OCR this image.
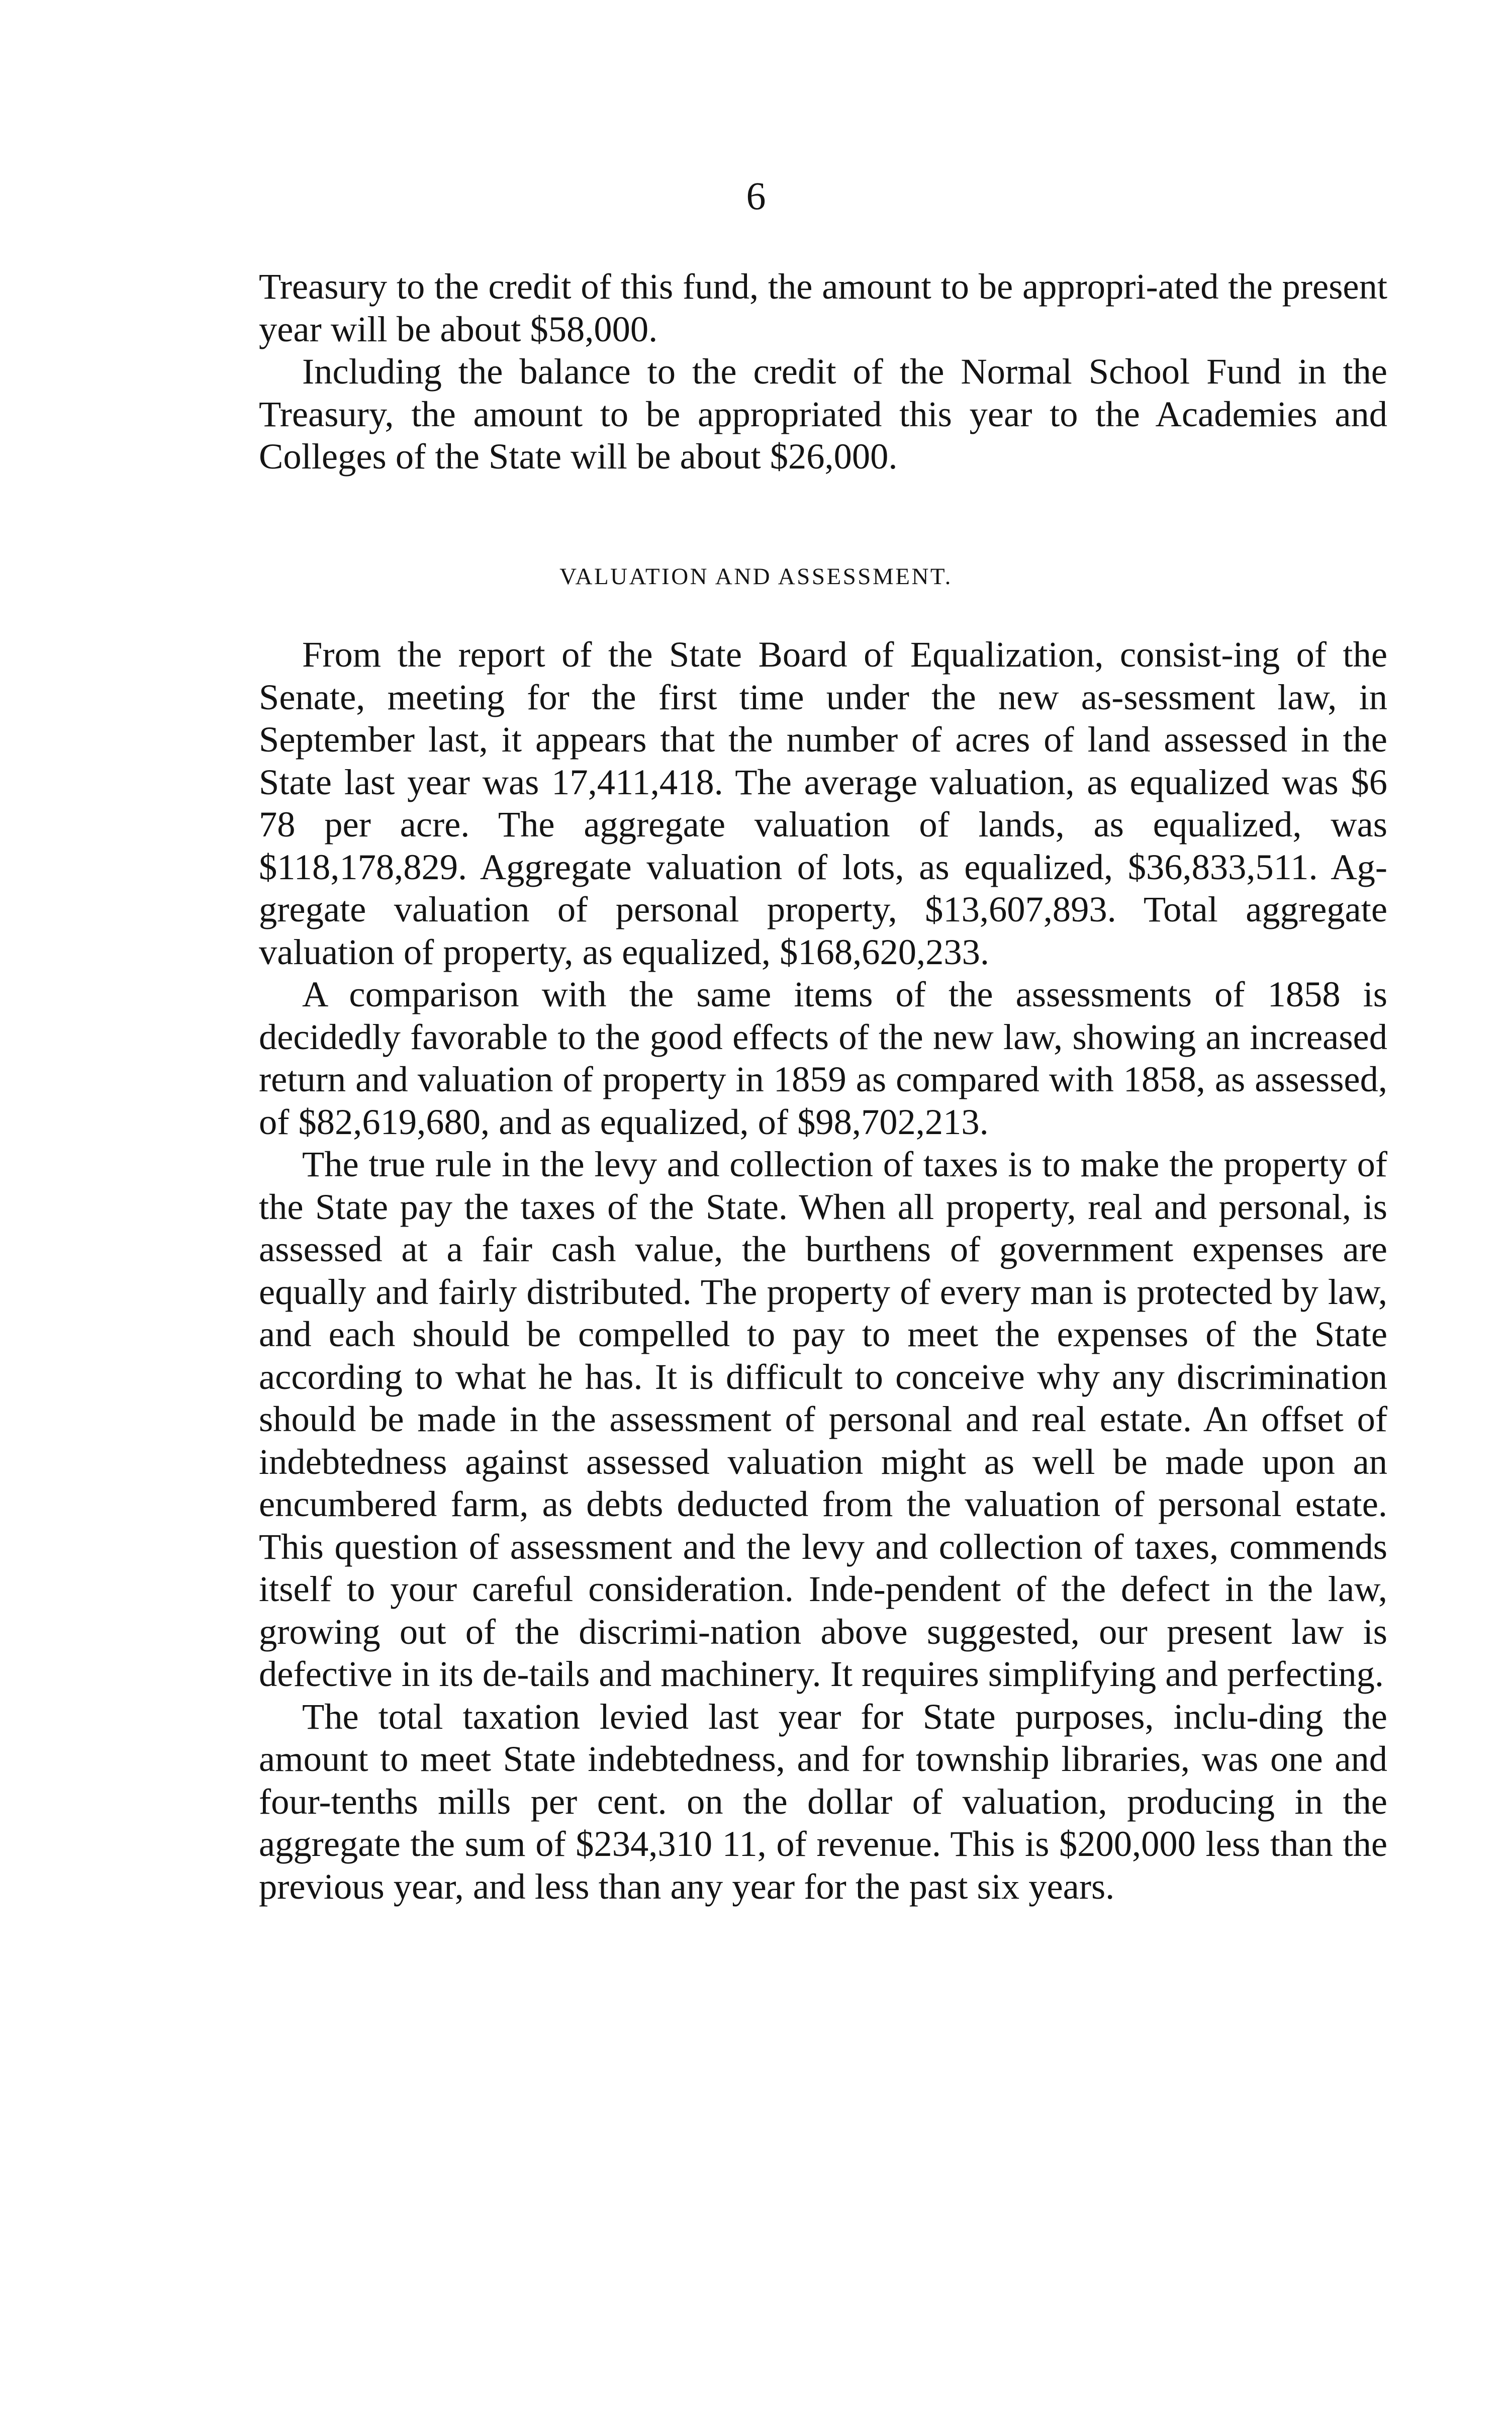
6

Treasury to the credit of this fund, the amount to be appropri-ated the present year will be about $58,000.

Including the balance to the credit of the Normal School Fund in the Treasury, the amount to be appropriated this year to the Academies and Colleges of the State will be about $26,000.

VALUATION AND ASSESSMENT.

From the report of the State Board of Equalization, consist-ing of the Senate, meeting for the first time under the new as-sessment law, in September last, it appears that the number of acres of land assessed in the State last year was 17,411,418. The average valuation, as equalized was $6 78 per acre. The aggregate valuation of lands, as equalized, was $118,178,829. Aggregate valuation of lots, as equalized, $36,833,511. Ag-gregate valuation of personal property, $13,607,893. Total aggregate valuation of property, as equalized, $168,620,233.

A comparison with the same items of the assessments of 1858 is decidedly favorable to the good effects of the new law, showing an increased return and valuation of property in 1859 as compared with 1858, as assessed, of $82,619,680, and as equalized, of $98,702,213.

The true rule in the levy and collection of taxes is to make the property of the State pay the taxes of the State. When all property, real and personal, is assessed at a fair cash value, the burthens of government expenses are equally and fairly distributed. The property of every man is protected by law, and each should be compelled to pay to meet the expenses of the State according to what he has. It is difficult to conceive why any discrimination should be made in the assessment of personal and real estate. An offset of indebtedness against assessed valuation might as well be made upon an encumbered farm, as debts deducted from the valuation of personal estate. This question of assessment and the levy and collection of taxes, commends itself to your careful consideration. Inde-pendent of the defect in the law, growing out of the discrimi-nation above suggested, our present law is defective in its de-tails and machinery. It requires simplifying and perfecting.

The total taxation levied last year for State purposes, inclu-ding the amount to meet State indebtedness, and for township libraries, was one and four-tenths mills per cent. on the dollar of valuation, producing in the aggregate the sum of $234,310 11, of revenue. This is $200,000 less than the previous year, and less than any year for the past six years.
